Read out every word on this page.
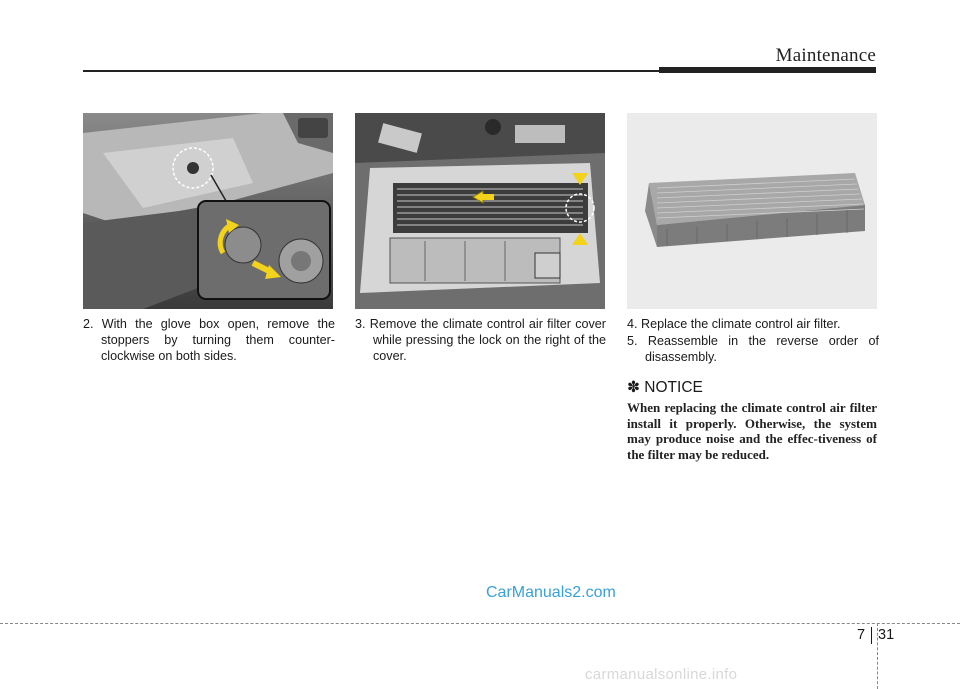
Maintenance

2. With the glove box open, remove the stoppers by turning them counter-clockwise on both sides.

3. Remove the climate control air filter cover while pressing the lock on the right of the cover.

4. Replace the climate control air filter.

5. Reassemble in the reverse order of disassembly.

✽ NOTICE

When replacing the climate control air filter install it properly. Otherwise, the system may produce noise and the effec-tiveness of the filter may be reduced.

CarManuals2.com
7 31
carmanualsonline.info
